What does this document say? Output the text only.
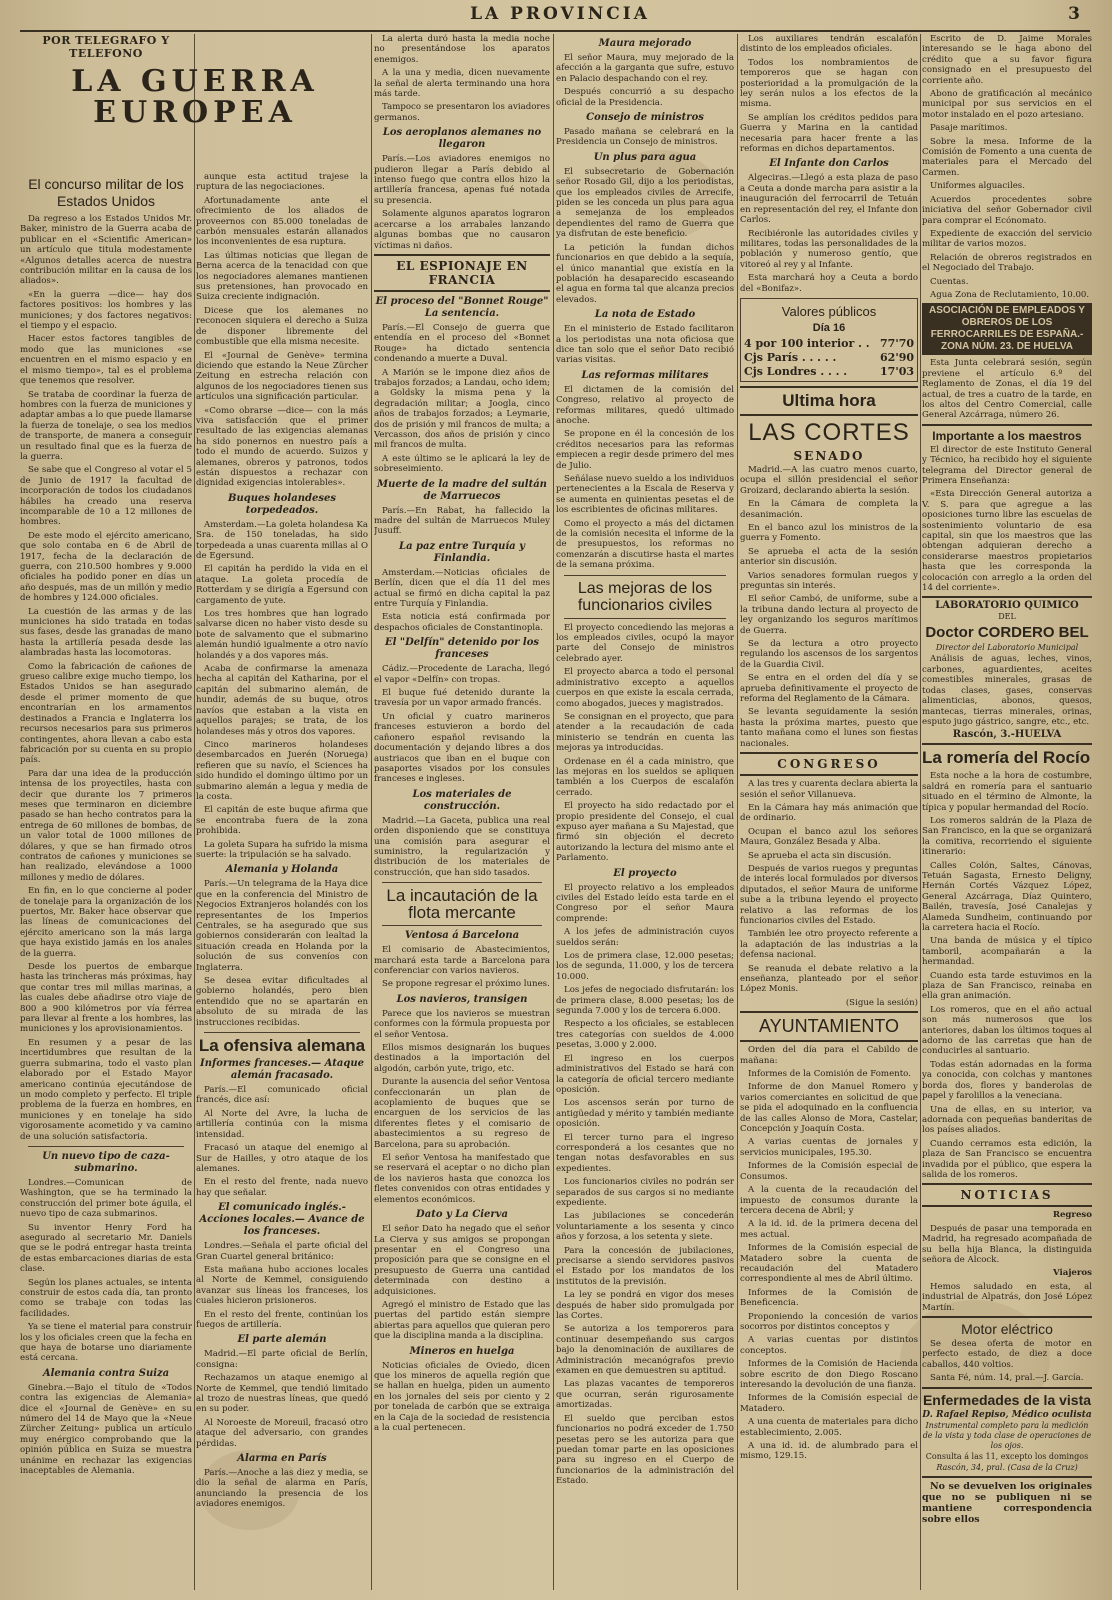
LA PROVINCIA	3
POR TELEGRAFO Y TELEFONO
LA GUERRA
EUROPEA
El concurso militar de los Estados Unidos

Da regreso a los Estados Unidos Mr. Baker, ministro de la Guerra acaba de publicar en el «Scientific American» un artículo que titula modestamente «Algunos detalles acerca de nuestra contribución militar en la causa de los aliados».

«En la guerra —dice— hay dos factores positivos: los hombres y las municiones; y dos factores negativos: el tiempo y el espacio.

Hacer estos factores tangibles de modo que las municiones «se encuentren en el mismo espacio y en el mismo tiempo», tal es el problema que tenemos que resolver.

Se trataba de coordinar la fuerza de hombres con la fuerza de municiones y adaptar ambas a lo que puede llamarse la fuerza de tonelaje, o sea los medios de transporte, de manera a conseguir un resultado final que es la fuerza de la guerra.

Se sabe que el Congreso al votar el 5 de Junio de 1917 la facultad de incorporación de todos los ciudadanos hábiles ha creado una reserva incomparable de 10 a 12 millones de hombres.

De este modo el ejército americano, que solo contaba en 6 de Abril de 1917, fecha de la declaración de guerra, con 210.500 hombres y 9.000 oficiales ha podido poner en días un año después, mas de un millón y medio de hombres y 124.000 oficiales.

La cuestión de las armas y de las municiones ha sido tratada en todas sus fases, desde las granadas de mano hasta la artillería pesada desde las alambradas hasta las locomotoras.

Como la fabricación de cañones de grueso calibre exige mucho tiempo, los Estados Unidos se han asegurado desde el primer momento de que encontrarían en los armamentos destinados a Francia e Inglaterra los recursos necesarios para sus primeros contingentes, ahora llevan a cabo esta fabricación por su cuenta en su propio país.

Para dar una idea de la producción intensa de los proyectiles, hasta con decir que durante los 7 primeros meses que terminaron en diciembre pasado se han hecho contratos para la entrega de 60 millones de bombas, de un valor total de 1000 millones de dólares, y que se han firmado otros contratos de cañones y municiones se han realizado, elevándose a 1000 millones y medio de dólares.

En fin, en lo que concierne al poder de tonelaje para la organización de los puertos, Mr. Baker hace observar que las líneas de comunicaciones del ejército americano son la más larga que haya existido jamás en los anales de la guerra.

Desde los puertos de embarque hasta las trincheras más próximas, hay que contar tres mil millas marinas, a las cuales debe añadirse otro viaje de 800 a 900 kilómetros por vía férrea para llevar al frente a los hombres, las municiones y los aprovisionamientos.

En resumen y a pesar de las incertidumbres que resultan de la guerra submarina, todo el vasto plan elaborado por el Estado Mayor americano continúa ejecutándose de un modo completo y perfecto. El triple problema de la fuerza en hombres, en municiones y en tonelaje ha sido vigorosamente acometido y va camino de una solución satisfactoria.

Un nuevo tipo de caza-submarino.

Londres.—Comunican de Washington, que se ha terminado la construcción del primer bote águila, el nuevo tipo de caza submarinos.

Su inventor Henry Ford ha asegurado al secretario Mr. Daniels que se le podrá entregar hasta treinta de estas embarcaciones diarias de esta clase.

Según los planes actuales, se intenta construir de estos cada día, tan pronto como se trabaje con todas las facilidades.

Ya se tiene el material para construir los y los oficiales creen que la fecha en que haya de botarse uno diariamente está cercana.

Alemania contra Suiza

Ginebra.—Bajo el título de «Todos contra las exigencias de Alemania» dice el «Journal de Genève» en su número del 14 de Mayo que la «Neue Zürcher Zeitung» publica un artículo muy enérgico comprobando que la opinión pública en Suiza se muestra unánime en rechazar las exigencias inaceptables de Alemania.

aunque esta actitud trajese la ruptura de las negociaciones.

Afortunadamente ante el ofrecimiento de los aliados de proveernos con 85.000 toneladas de carbón mensuales estarán allanados los inconvenientes de esa ruptura.

Las últimas noticias que llegan de Berna acerca de la tenacidad con que los negociadores alemanes mantienen sus pretensiones, han provocado en Suiza creciente indignación.

Dicese que los alemanes no reconocen siquiera el derecho a Suiza de disponer libremente del combustible que ella misma necesite.

El «Journal de Genève» termina diciendo que estando la Neue Zürcher Zeitung en estrecha relación con algunos de los negociadores tienen sus artículos una significación particular.

«Como obrarse —dice— con la más viva satisfacción que el primer resultado de las exigencias alemanas ha sido ponernos en nuestro país a todo el mundo de acuerdo. Suizos y alemanes, obreros y patronos, todos están dispuestos a rechazar con dignidad exigencias intolerables».

Buques holandeses torpedeados.

Amsterdam.—La goleta holandesa Ka Sra. de 150 toneladas, ha sido torpedeada a unas cuarenta millas al O de Egersund.

El capitán ha perdido la vida en el ataque. La goleta procedía de Rotterdam y se dirigía a Egersund con cargamento de yute.

Los tres hombres que han logrado salvarse dicen no haber visto desde su bote de salvamento que el submarino alemán hundió igualmente a otro navío holandés y a dos vapores más.

Acaba de confirmarse la amenaza hecha al capitán del Katharina, por el capitán del submarino alemán, de hundir, además de su buque, otros navíos que estaban a la vista en aquellos parajes; se trata, de los holandeses más y otros dos vapores.

Cinco marineros holandeses desembarcados en Juerén (Noruega) refieren que su navío, el Sciences ha sido hundido el domingo último por un submarino alemán a legua y media de la costa.

El capitán de este buque afirma que se encontraba fuera de la zona prohibida.

La goleta Supara ha sufrido la misma suerte: la tripulación se ha salvado.

Alemania y Holanda

París.—Un telegrama de la Haya dice que en la conferencia del Ministro de Negocios Extranjeros holandés con los representantes de los Imperios Centrales, se ha asegurado que sus gobiernos considerarán con lealtad la situación creada en Holanda por la solución de sus conveníos con Inglaterra.

Se desea evitar dificultades al gobierno holandés, pero bien entendido que no se apartarán en absoluto de su mirada de las instrucciones recibidas.

La ofensiva alemana
Informes franceses.— Ataque alemán fracasado.

París.—El comunicado oficial francés, dice así:

Al Norte del Avre, la lucha de artillería continúa con la misma intensidad.

Fracasó un ataque del enemigo al Sur de Hailles, y otro ataque de los alemanes.

En el resto del frente, nada nuevo hay que señalar.

El comunicado inglés.-Acciones locales.— Avance de los franceses.

Londres.—Señala el parte oficial del Gran Cuartel general británico:

Esta mañana hubo acciones locales al Norte de Kemmel, consiguiendo avanzar sus líneas los franceses, los cuales hicieron prisioneros.

En el resto del frente, continúan los fuegos de artillería.

El parte alemán

Madrid.—El parte oficial de Berlín, consigna:

Rechazamos un ataque enemigo al Norte de Kemmel, que tendió limitado al trozo de nuestras líneas, que quedó en su poder.

Al Noroeste de Moreuil, fracasó otro ataque del adversario, con grandes pérdidas.

Alarma en París

París.—Anoche a las diez y media, se dio la señal de alarma en París, anunciando la presencia de los aviadores enemigos.

La alerta duró hasta la media noche no presentándose los aparatos enemigos.

A la una y media, dicen nuevamente la señal de alerta terminando una hora más tarde.

Tampoco se presentaron los aviadores germanos.

Los aeroplanos alemanes no llegaron

París.—Los aviadores enemigos no pudieron llegar a París debido al intenso fuego que contra ellos hizo la artillería francesa, apenas fué notada su presencia.

Solamente algunos aparatos lograron acercarse a los arrabales lanzando algunas bombas que no causaron víctimas ni daños.

EL ESPIONAJE EN FRANCIA
El proceso del "Bonnet Rouge" La sentencia.

París.—El Consejo de guerra que entendía en el proceso del «Bonnet Rouge» ha dictado sentencia condenando a muerte a Duval.

A Marión se le impone diez años de trabajos forzados; a Landau, ocho idem; a Goldsky la misma pena y la degradación militar; a Joogla, cinco años de trabajos forzados; a Leymarie, dos de prisión y mil francos de multa; a Vercasson, dos años de prisión y cinco mil francos de multa.

A este último se le aplicará la ley de sobreseimiento.

Muerte de la madre del sultán de Marruecos

París.—En Rabat, ha fallecido la madre del sultán de Marruecos Muley Jusuff.

La paz entre Turquía y Finlandia.

Amsterdam.—Noticias oficiales de Berlín, dicen que el día 11 del mes actual se firmó en dicha capital la paz entre Turquía y Finlandia.

Esta noticia está confirmada por despachos oficiales de Constantinopla.

El "Delfín" detenido por los franceses

Cádiz.—Procedente de Laracha, llegó el vapor «Delfín» con tropas.

El buque fué detenido durante la travesía por un vapor armado francés.

Un oficial y cuatro marineros franceses estuvieron a bordo del cañonero español revisando la documentación y dejando libres a dos austriacos que iban en el buque con pasaportes visados por los consules franceses e ingleses.

Los materiales de construcción.

Madrid.—La Gaceta, publica una real orden disponiendo que se constituya una comisión para asegurar el suministro, la regularización y distribución de los materiales de construcción, que han sido tasados.

La incautación de la flota mercante
Ventosa á Barcelona

El comisario de Abastecimientos, marchará esta tarde a Barcelona para conferenciar con varios navieros.

Se propone regresar el próximo lunes.

Los navieros, transigen

Parece que los navieros se muestran conformes con la fórmula propuesta por el señor Ventosa.

Ellos mismos designarán los buques destinados a la importación del algodón, carbón yute, trigo, etc.

Durante la ausencia del señor Ventosa confeccionarán un plan de acoplamiento de buques que se encarguen de los servicios de las diferentes fletes y el comisario de abastecimientos a su regreso de Barcelona, para su aprobación.

El señor Ventosa ha manifestado que se reservará el aceptar o no dicho plan de los navieros hasta que conozca los fletes convenidos con otras entidades y elementos económicos.

Dato y La Cierva

El señor Dato ha negado que el señor La Cierva y sus amigos se propongan presentar en el Congreso una proposición para que se consigne en el presupuesto de Guerra una cantidad determinada con destino a adquisiciones.

Agregó el ministro de Estado que las puertas del partido están siempre abiertas para aquellos que quieran pero que la disciplina manda a la disciplina.

Mineros en huelga

Noticias oficiales de Oviedo, dicen que los mineros de aquella región que se hallan en huelga, piden un aumento en los jornales del seis por ciento y 2 por tonelada de carbón que se extraiga en la Caja de la sociedad de resistencia a la cual pertenecen.

Maura mejorado

El señor Maura, muy mejorado de la afección a la garganta que sufre, estuvo en Palacio despachando con el rey.

Después concurrió a su despacho oficial de la Presidencia.

Consejo de ministros

Pasado mañana se celebrará en la Presidencia un Consejo de ministros.

Un plus para agua

El subsecretario de Gobernación señor Rosado Gil, dijo a los periodistas, que los empleados civiles de Arrecife, piden se les conceda un plus para agua a semejanza de los empleados dependientes del ramo de Guerra que ya disfrutan de este beneficio.

La petición la fundan dichos funcionarios en que debido a la sequía, el único manantial que existía en la población ha desaparecido escaseando el agua en forma tal que alcanza precios elevados.

La nota de Estado

En el ministerio de Estado facilitaron a los periodistas una nota oficiosa que dice tan solo que el señor Dato recibió varias visitas.

Las reformas militares

El dictamen de la comisión del Congreso, relativo al proyecto de reformas militares, quedó ultimado anoche.

Se propone en él la concesión de los créditos necesarios para las reformas empiecen a regir desde primero del mes de Julio.

Señálase nuevo sueldo a los individuos pertenecientes a la Escala de Reserva y se aumenta en quinientas pesetas el de los escribientes de oficinas militares.

Como el proyecto a más del dictamen de la comisión necesita el informe de la de presupuestos, los reformas no comenzarán a discutirse hasta el martes de la semana próxima.

Las mejoras de los funcionarios civiles

El proyecto concediendo las mejoras a los empleados civiles, ocupó la mayor parte del Consejo de ministros celebrado ayer.

El proyecto abarca a todo el personal administrativo excepto a aquellos cuerpos en que existe la escala cerrada, como abogados, jueces y magistrados.

Se consignan en el proyecto, que para atender a la recaudación de cada ministerio se tendrán en cuenta las mejoras ya introducidas.

Ordenase en él a cada ministro, que las mejoras en los sueldos se apliquen también a los Cuerpos de escalafón cerrado.

El proyecto ha sido redactado por el propio presidente del Consejo, el cual expuso ayer mañana a Su Majestad, que firmó sin objeción el decreto autorizando la lectura del mismo ante el Parlamento.

El proyecto

El proyecto relativo a los empleados civiles del Estado leído esta tarde en el Congreso por el señor Maura comprende:

A los jefes de administración cuyos sueldos serán:

Los de primera clase, 12.000 pesetas; los de segunda, 11.000, y los de tercera 10.000.

Los jefes de negociado disfrutarán: los de primera clase, 8.000 pesetas; los de segunda 7.000 y los de tercera 6.000.

Respecto a los oficiales, se establecen tres categorías con sueldos de 4.000 pesetas, 3.000 y 2.000.

El ingreso en los cuerpos administrativos del Estado se hará con la categoría de oficial tercero mediante oposición.

Los ascensos serán por turno de antigüedad y mérito y también mediante oposición.

El tercer turno para el ingreso corresponderá a los cesantes que no tengan notas desfavorables en sus expedientes.

Los funcionarios civiles no podrán ser separados de sus cargos si no mediante expediente.

Las jubilaciones se concederán voluntariamente a los sesenta y cinco años y forzosa, a los setenta y siete.

Para la concesión de jubilaciones, precisarse a siendo servidores pasivos el Estado por los mandatos de los institutos de la previsión.

La ley se pondrá en vigor dos meses después de haber sido promulgada por las Cortes.

Se autoriza a los temporeros para continuar desempeñando sus cargos bajo la denominación de auxiliares de Administración mecanógrafos previo examen en que demuestren su aptitud.

Las plazas vacantes de temporeros que ocurran, serán rigurosamente amortizadas.

El sueldo que perciban estos funcionarios no podrá exceder de 1.750 pesetas pero se les autoriza para que puedan tomar parte en las oposiciones para su ingreso en el Cuerpo de funcionarios de la administración del Estado.

Los auxiliares tendrán escalafón distinto de los empleados oficiales.

Todos los nombramientos de temporeros que se hagan con posterioridad a la promulgación de la ley serán nulos a los efectos de la misma.

Se amplían los créditos pedidos para Guerra y Marina en la cantidad necesaria para hacer frente a las reformas en dichos departamentos.

El Infante don Carlos

Algeciras.—Llegó a esta plaza de paso a Ceuta a donde marcha para asistir a la inauguración del ferrocarril de Tetuán en representación del rey, el Infante don Carlos.

Recibiéronle las autoridades civiles y militares, todas las personalidades de la población y numeroso gentío, que vitoreó al rey y al Infante.

Esta marchará hoy a Ceuta a bordo del «Bonifaz».

Valores públicos
Día 16
4 por 100 interior . . 77'70
Cjs París . . . . .	62'90
Cjs Londres . . . .	17'03
Ultima hora
LAS CORTES
SENADO

Madrid.—A las cuatro menos cuarto, ocupa el sillón presidencial el señor Groizard, declarando abierta la sesión.

En la Cámara de completa la desanimación.

En el banco azul los ministros de la guerra y Fomento.

Se aprueba el acta de la sesión anterior sin discusión.

Varios senadores formulan ruegos y preguntas sin interés.

El señor Cambó, de uniforme, sube a la tribuna dando lectura al proyecto de ley organizando los seguros marítimos de Guerra.

Se da lectura a otro proyecto regulando los ascensos de los sargentos de la Guardia Civil.

Se entra en el orden del día y se aprueba definitivamente el proyecto de reforma del Reglamento de la Cámara.

Se levanta seguidamente la sesión hasta la próxima martes, puesto que tanto mañana como el lunes son fiestas nacionales.

CONGRESO

A las tres y cuarenta declara abierta la sesión el señor Villanueva.

En la Cámara hay más animación que de ordinario.

Ocupan el banco azul los señores Maura, González Besada y Alba.

Se aprueba el acta sin discusión.

Después de varios ruegos y preguntas de interés local formulados por diversos diputados, el señor Maura de uniforme sube a la tribuna leyendo el proyecto relativo a las reformas de los funcionarios civiles del Estado.

También lee otro proyecto referente a la adaptación de las industrias a la defensa nacional.

Se reanuda el debate relativo a la enseñanza, planteado por el señor López Monis.

(Sigue la sesión)

AYUNTAMIENTO

Orden del día para el Cabildo de mañana:

Informes de la Comisión de Fomento.

Informe de don Manuel Romero y varios comerciantes en solicitud de que se pida el adoquinado en la confluencia de las calles Alonso de Mora, Castelar, Concepción y Joaquín Costa.

A varias cuentas de jornales y servicios municipales, 195.30.

Informes de la Comisión especial de Consumos.

A la cuenta de la recaudación del impuesto de consumos durante la tercera decena de Abril; y

A la id. id. de la primera decena del mes actual.

Informes de la Comisión especial de Matadero sobre la cuenta de recaudación del Matadero correspondiente al mes de Abril último.

Informes de la Comisión de Beneficencia.

Proponiendo la concesión de varios socorros por distintos conceptos y

A varias cuentas por distintos conceptos.

Informes de la Comisión de Hacienda sobre escrito de don Diego Roscano interesando la devolución de una fianza.

Informes de la Comisión especial de Matadero.

A una cuenta de materiales para dicho establecimiento, 2.005.

A una id. id. de alumbrado para el mismo, 129.15.

Escrito de D. Jaime Morales interesando se le haga abono del crédito que a su favor figura consignado en el presupuesto del corriente año.

Abono de gratificación al mecánico municipal por sus servicios en el motor instalado en el pozo artesiano.

Pasaje marítimos.

Sobre la mesa. Informe de la Comisión de Fomento a una cuenta de materiales para el Mercado del Carmen.

Uniformes alguaciles.

Acuerdos procedentes sobre iniciativa del señor Gobernador civil para comprar el Ecónomato.

Expediente de exacción del servicio militar de varios mozos.

Relación de obreros registrados en el Negociado del Trabajo.

Cuentas.

Agua Zona de Reclutamiento, 10.00.

ASOCIACIÓN DE EMPLEADOS Y OBREROS DE LOS FERROCARRILES DE ESPAÑA.-ZONA NÚM. 23. DE HUELVA

Esta Junta celebrará sesión, según previene el artículo 6.º del Reglamento de Zonas, el día 19 del actual, de tres a cuatro de la tarde, en los altos del Centro Comercial, calle General Azcárraga, número 26.

Importante a los maestros

El director de este Instituto General y Técnico, ha recibido hoy el siguiente telegrama del Director general de Primera Enseñanza:

«Esta Dirección General autoriza a V. S. para que agregue a las oposiciones turno libre las escuelas de sostenimiento voluntario de esa capital, sin que los maestros que las obtengan adquieran derecho a considerarse maestros propietarios hasta que les corresponda la colocación con arreglo a la orden del 14 del corriente».

LABORATORIO QUIMICO
DEL
Doctor CORDERO BEL
Director del Laboratorio Municipal

Análisis de aguas, leches, vinos, carbones, aguardientes, aceites comestibles minerales, grasas de todas clases, gases, conservas alimenticias, abonos, quesos, mantecas, tierras minerales, orinas, esputo jugo gástrico, sangre, etc., etc.

Rascón, 3.-HUELVA
La romería del Rocío

Esta noche a la hora de costumbre, saldrá en romería para el santuario situado en el término de Almonte, la típica y popular hermandad del Rocío.

Los romeros saldrán de la Plaza de San Francisco, en la que se organizará la comitiva, recorriendo el siguiente itinerario:

Calles Colón, Saltes, Cánovas, Tetuán Sagasta, Ernesto Deligny, Hernán Cortés Vázquez López, General Azcárraga, Díaz Quintero, Bailén, travesía, José Canalejas y Alameda Sundheim, continuando por la carretera hacia el Rocío.

Una banda de música y el típico tamboril, acompañarán a la hermandad.

Cuando esta tarde estuvimos en la plaza de San Francisco, reinaba en ella gran animación.

Los romeros, que en el año actual son más numerosos que los anteriores, daban los últimos toques al adorno de las carretas que han de conducirles al santuario.

Todas están adornadas en la forma ya conocida, con colchas y mantones borda dos, flores y banderolas de papel y farolillos a la veneciana.

Una de ellas, en su interior, va adornada con pequeñas banderitas de los países aliados.

Cuando cerramos esta edición, la plaza de San Francisco se encuentra invadida por el público, que espera la salida de los romeros.

NOTICIAS

Regreso

Después de pasar una temporada en Madrid, ha regresado acompañada de su bella hija Blanca, la distinguida señora de Alcock.

Viajeros

Hemos saludado en esta, al industrial de Alpatrás, don José López Martín.

Motor eléctrico

Se desea oferta de motor en perfecto estado, de diez a doce caballos, 440 voltios.

Santa Fé, núm. 14, pral.—J. García.

Enfermedades de la vista
D. Rafael Repiso, Médico oculista
Instrumental completo para la medición de la vista y toda clase de operaciones de los ojos.
Consulta á las 11, excepto los domingos
Rascón, 34, pral. (Casa de la Cruz)

No se devuelven los originales que no se publiquen ni se mantiene correspondencia sobre ellos
